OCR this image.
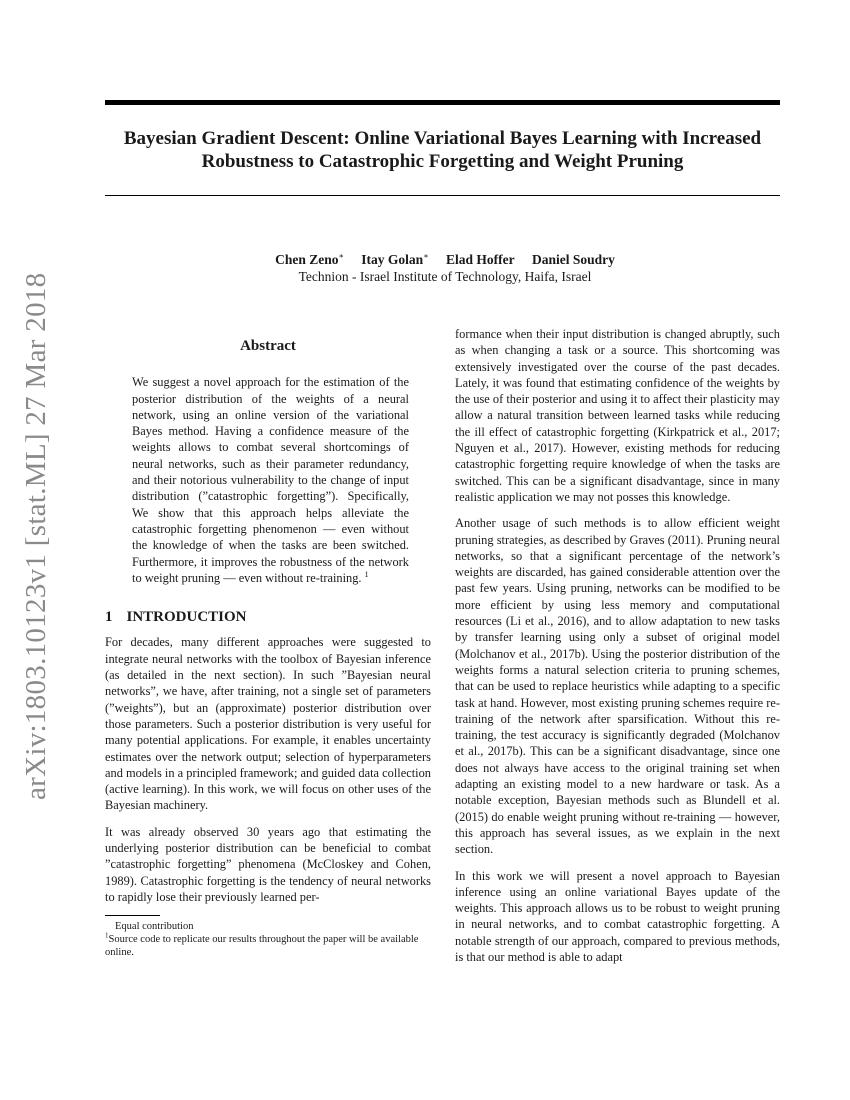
arXiv:1803.10123v1 [stat.ML] 27 Mar 2018
Bayesian Gradient Descent: Online Variational Bayes Learning with Increased
Robustness to Catastrophic Forgetting and Weight Pruning
Chen Zeno∗ Itay Golan∗ Elad Hoffer Daniel Soudry
Technion - Israel Institute of Technology, Haifa, Israel
Abstract
We suggest a novel approach for the estimation of the posterior distribution of the weights of a neural network, using an online version of the variational Bayes method. Having a confidence measure of the weights allows to combat several shortcomings of neural networks, such as their parameter redundancy, and their notorious vulnerability to the change of input distribution (”catastrophic forgetting”). Specifically, We show that this approach helps alleviate the catastrophic forgetting phenomenon — even without the knowledge of when the tasks are been switched. Furthermore, it improves the robustness of the network to weight pruning — even without re-training. $^1$
1 INTRODUCTION

For decades, many different approaches were suggested to integrate neural networks with the toolbox of Bayesian inference (as detailed in the next section). In such ”Bayesian neural networks”, we have, after training, not a single set of parameters (”weights”), but an (approximate) posterior distribution over those parameters. Such a posterior distribution is very useful for many potential applications. For example, it enables uncertainty estimates over the network output; selection of hyperparameters and models in a principled framework; and guided data collection (active learning). In this work, we will focus on other uses of the Bayesian machinery.

It was already observed 30 years ago that estimating the underlying posterior distribution can be beneficial to combat ”catastrophic forgetting” phenomena (McCloskey and Cohen, 1989). Catastrophic forgetting is the tendency of neural networks to rapidly lose their previously learned per-

Equal contribution
$^1$Source code to replicate our results throughout the paper will be available online.

formance when their input distribution is changed abruptly, such as when changing a task or a source. This shortcoming was extensively investigated over the course of the past decades. Lately, it was found that estimating confidence of the weights by the use of their posterior and using it to affect their plasticity may allow a natural transition between learned tasks while reducing the ill effect of catastrophic forgetting (Kirkpatrick et al., 2017; Nguyen et al., 2017). However, existing methods for reducing catastrophic forgetting require knowledge of when the tasks are switched. This can be a significant disadvantage, since in many realistic application we may not posses this knowledge.

Another usage of such methods is to allow efficient weight pruning strategies, as described by Graves (2011). Pruning neural networks, so that a significant percentage of the network’s weights are discarded, has gained considerable attention over the past few years. Using pruning, networks can be modified to be more efficient by using less memory and computational resources (Li et al., 2016), and to allow adaptation to new tasks by transfer learning using only a subset of original model (Molchanov et al., 2017b). Using the posterior distribution of the weights forms a natural selection criteria to pruning schemes, that can be used to replace heuristics while adapting to a specific task at hand. However, most existing pruning schemes require re-training of the network after sparsification. Without this re-training, the test accuracy is significantly degraded (Molchanov et al., 2017b). This can be a significant disadvantage, since one does not always have access to the original training set when adapting an existing model to a new hardware or task. As a notable exception, Bayesian methods such as Blundell et al. (2015) do enable weight pruning without re-training — however, this approach has several issues, as we explain in the next section.

In this work we will present a novel approach to Bayesian inference using an online variational Bayes update of the weights. This approach allows us to be robust to weight pruning in neural networks, and to combat catastrophic forgetting. A notable strength of our approach, compared to previous methods, is that our method is able to adapt
